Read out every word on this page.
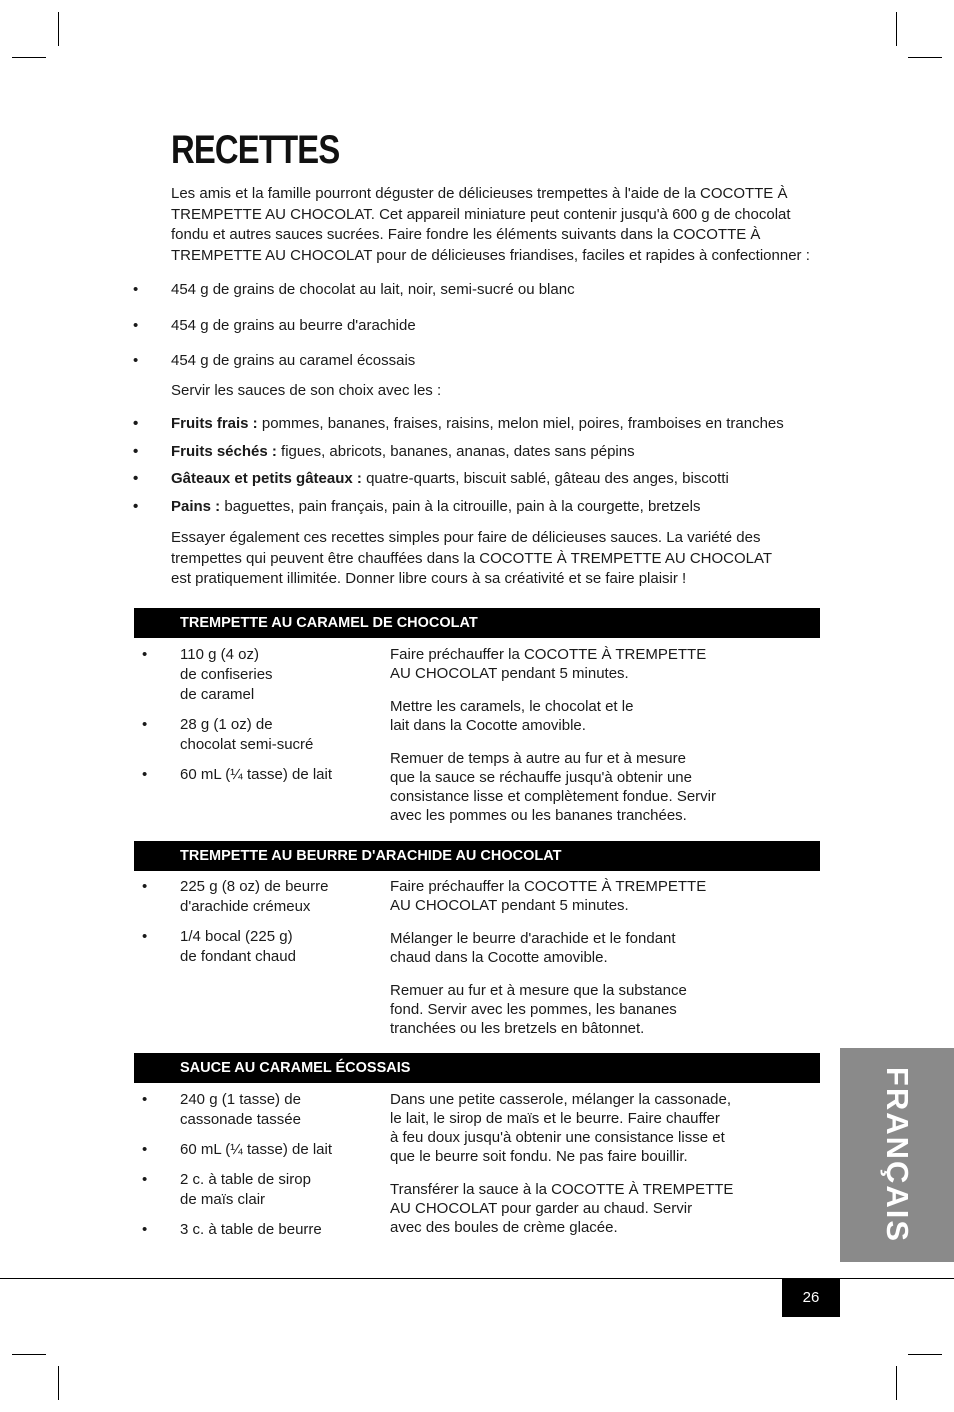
RECETTES

Les amis et la famille pourront déguster de délicieuses trempettes à l'aide de la COCOTTE À TREMPETTE AU CHOCOLAT. Cet appareil miniature peut contenir jusqu'à 600 g de chocolat fondu et autres sauces sucrées. Faire fondre les éléments suivants dans la COCOTTE À TREMPETTE AU CHOCOLAT pour de délicieuses friandises, faciles et rapides à confectionner :

• 454 g de grains de chocolat au lait, noir, semi-sucré ou blanc
• 454 g de grains au beurre d'arachide
• 454 g de grains au caramel écossais

Servir les sauces de son choix avec les :

• Fruits frais : pommes, bananes, fraises, raisins, melon miel, poires, framboises en tranches
• Fruits séchés : figues, abricots, bananes, ananas, dates sans pépins
• Gâteaux et petits gâteaux : quatre-quarts, biscuit sablé, gâteau des anges, biscotti
• Pains : baguettes, pain français, pain à la citrouille, pain à la courgette, bretzels

Essayer également ces recettes simples pour faire de délicieuses sauces. La variété des trempettes qui peuvent être chauffées dans la COCOTTE À TREMPETTE AU CHOCOLAT est pratiquement illimitée. Donner libre cours à sa créativité et se faire plaisir !

TREMPETTE AU CARAMEL DE CHOCOLAT
• 110 g (4 oz)
de confiseries
de caramel
• 28 g (1 oz) de
chocolat semi-sucré
• 60 mL (¼ tasse) de lait

Faire préchauffer la COCOTTE À TREMPETTE
AU CHOCOLAT pendant 5 minutes.

Mettre les caramels, le chocolat et le
lait dans la Cocotte amovible.

Remuer de temps à autre au fur et à mesure
que la sauce se réchauffe jusqu'à obtenir une
consistance lisse et complètement fondue. Servir
avec les pommes ou les bananes tranchées.

TREMPETTE AU BEURRE D'ARACHIDE AU CHOCOLAT
• 225 g (8 oz) de beurre
d'arachide crémeux
• 1/4 bocal (225 g)
de fondant chaud

Faire préchauffer la COCOTTE À TREMPETTE
AU CHOCOLAT pendant 5 minutes.

Mélanger le beurre d'arachide et le fondant
chaud dans la Cocotte amovible.

Remuer au fur et à mesure que la substance
fond. Servir avec les pommes, les bananes
tranchées ou les bretzels en bâtonnet.

SAUCE AU CARAMEL ÉCOSSAIS
• 240 g (1 tasse) de
cassonade tassée
• 60 mL (¼ tasse) de lait
• 2 c. à table de sirop
de maïs clair
• 3 c. à table de beurre

Dans une petite casserole, mélanger la cassonade,
le lait, le sirop de maïs et le beurre. Faire chauffer
à feu doux jusqu'à obtenir une consistance lisse et
que le beurre soit fondu. Ne pas faire bouillir.

Transférer la sauce à la COCOTTE À TREMPETTE
AU CHOCOLAT pour garder au chaud. Servir
avec des boules de crème glacée.	FRANÇAIS
26
